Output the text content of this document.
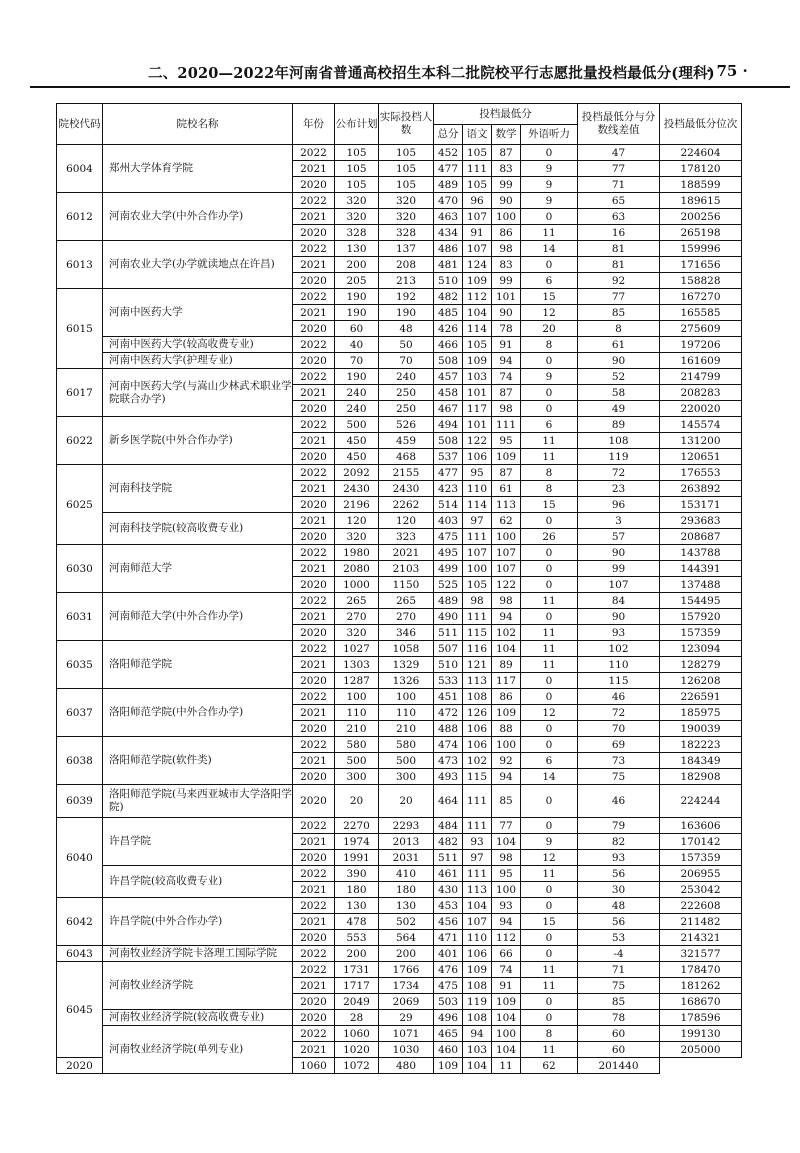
二、2020—2022年河南省普通高校招生本科二批院校平行志愿批量投档最低分(理科)
· 75 ·
院校代码	院校名称	年份	公布计划	实际投档人数	投档最低分				投档最低分与分数线差值	投档最低分位次
					总分	语文	数学	外语听力		
6004	郑州大学体育学院	2022	105	105	452	105	87	0	47	224604
		2021	105	105	477	111	83	9	77	178120
		2020	105	105	489	105	99	9	71	188599
6012	河南农业大学(中外合作办学)	2022	320	320	470	96	90	9	65	189615
		2021	320	320	463	107	100	0	63	200256
		2020	328	328	434	91	86	11	16	265198
6013	河南农业大学(办学就读地点在许昌)	2022	130	137	486	107	98	14	81	159996
		2021	200	208	481	124	83	0	81	171656
		2020	205	213	510	109	99	6	92	158828
6015	河南中医药大学	2022	190	192	482	112	101	15	77	167270
		2021	190	190	485	104	90	12	85	165585
		2020	60	48	426	114	78	20	8	275609
	河南中医药大学(较高收费专业)	2022	40	50	466	105	91	8	61	197206
	河南中医药大学(护理专业)	2020	70	70	508	109	94	0	90	161609
6017	河南中医药大学(与嵩山少林武术职业学院联合办学)	2022	190	240	457	103	74	9	52	214799
		2021	240	250	458	101	87	0	58	208283
		2020	240	250	467	117	98	0	49	220020
6022	新乡医学院(中外合作办学)	2022	500	526	494	101	111	6	89	145574
		2021	450	459	508	122	95	11	108	131200
		2020	450	468	537	106	109	11	119	120651
6025	河南科技学院	2022	2092	2155	477	95	87	8	72	176553
		2021	2430	2430	423	110	61	8	23	263892
		2020	2196	2262	514	114	113	15	96	153171
	河南科技学院(较高收费专业)	2021	120	120	403	97	62	0	3	293683
		2020	320	323	475	111	100	26	57	208687
6030	河南师范大学	2022	1980	2021	495	107	107	0	90	143788
		2021	2080	2103	499	100	107	0	99	144391
		2020	1000	1150	525	105	122	0	107	137488
6031	河南师范大学(中外合作办学)	2022	265	265	489	98	98	11	84	154495
		2021	270	270	490	111	94	0	90	157920
		2020	320	346	511	115	102	11	93	157359
6035	洛阳师范学院	2022	1027	1058	507	116	104	11	102	123094
		2021	1303	1329	510	121	89	11	110	128279
		2020	1287	1326	533	113	117	0	115	126208
6037	洛阳师范学院(中外合作办学)	2022	100	100	451	108	86	0	46	226591
		2021	110	110	472	126	109	12	72	185975
		2020	210	210	488	106	88	0	70	190039
6038	洛阳师范学院(软件类)	2022	580	580	474	106	100	0	69	182223
		2021	500	500	473	102	92	6	73	184349
		2020	300	300	493	115	94	14	75	182908
6039	洛阳师范学院(马来西亚城市大学洛阳学院)	2020	20	20	464	111	85	0	46	224244
6040	许昌学院	2022	2270	2293	484	111	77	0	79	163606
		2021	1974	2013	482	93	104	9	82	170142
		2020	1991	2031	511	97	98	12	93	157359
	许昌学院(较高收费专业)	2022	390	410	461	111	95	11	56	206955
		2021	180	180	430	113	100	0	30	253042
6042	许昌学院(中外合作办学)	2022	130	130	453	104	93	0	48	222608
		2021	478	502	456	107	94	15	56	211482
		2020	553	564	471	110	112	0	53	214321
6043	河南牧业经济学院卡洛理工国际学院	2022	200	200	401	106	66	0	-4	321577
6045	河南牧业经济学院	2022	1731	1766	476	109	74	11	71	178470
		2021	1717	1734	475	108	91	11	75	181262
		2020	2049	2069	503	119	109	0	85	168670
	河南牧业经济学院(较高收费专业)	2020	28	29	496	108	104	0	78	178596
	河南牧业经济学院(单列专业)	2022	1060	1071	465	94	100	8	60	199130
		2021	1020	1030	460	103	104	11	60	205000
2020		1060	1072	480	109	104	11	62	201440	
